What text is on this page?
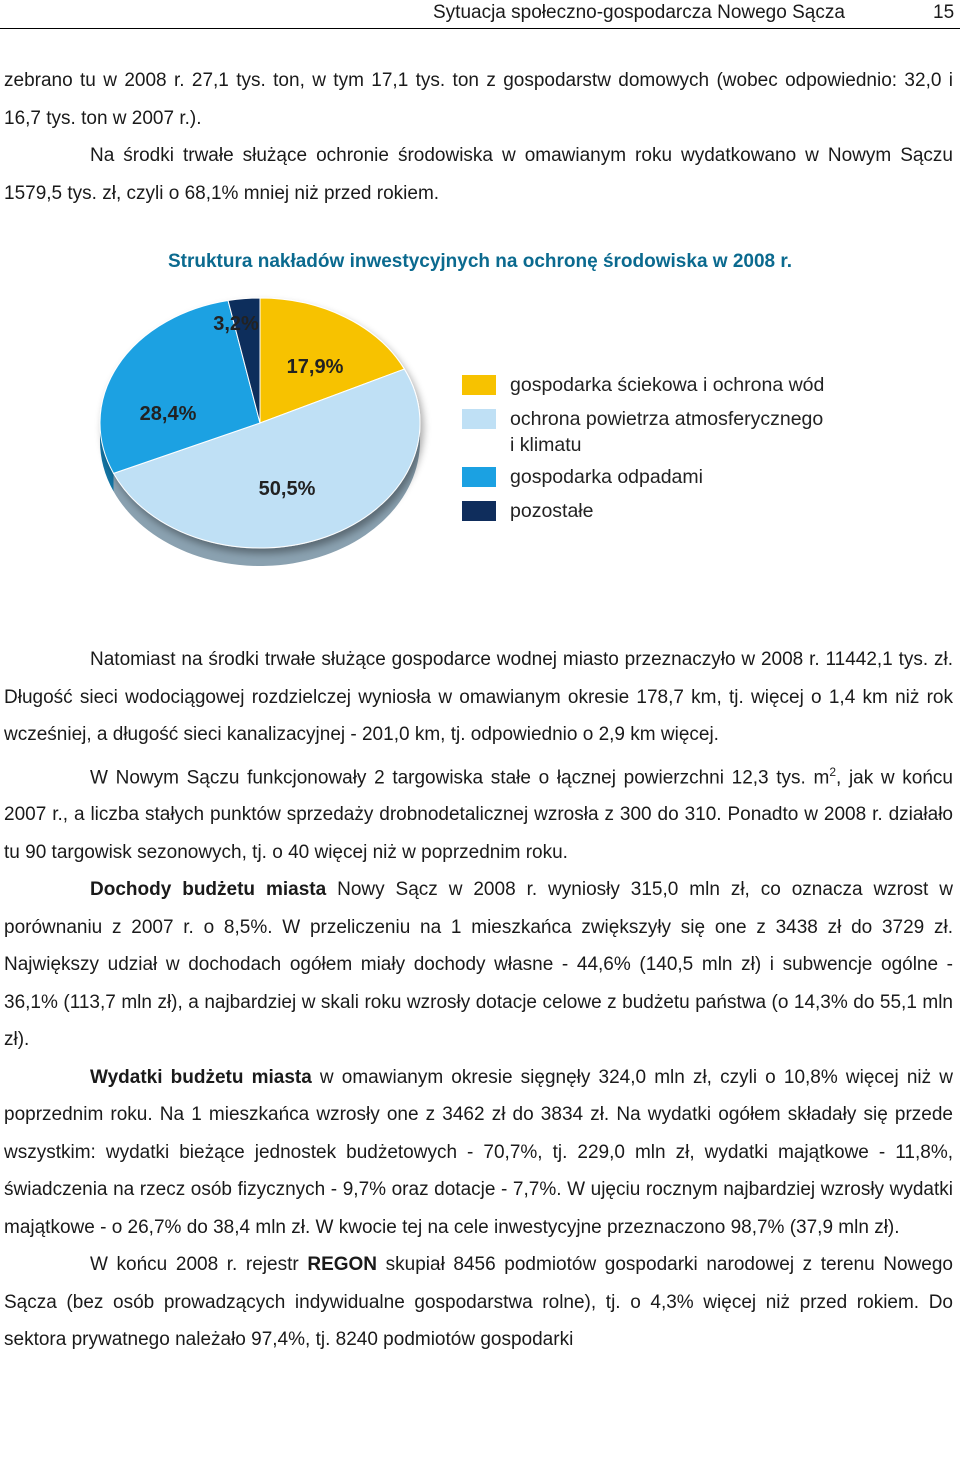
Sytuacja społeczno-gospodarcza Nowego Sącza	15

zebrano tu w 2008 r. 27,1 tys. ton, w tym 17,1 tys. ton z gospodarstw domowych (wobec odpowiednio: 32,0 i 16,7 tys. ton w 2007 r.).

Na środki trwałe służące ochronie środowiska w omawianym roku wydatkowano w Nowym Sączu 1579,5 tys. zł, czyli o 68,1% mniej niż przed rokiem.

Struktura nakładów inwestycyjnych na ochronę środowiska w 2008 r.
17,9%
50,5%
28,4%
3,2%
gospodarka ściekowa i ochrona wód
ochrona powietrza atmosferycznego
i klimatu
gospodarka odpadami
pozostałe

Natomiast na środki trwałe służące gospodarce wodnej miasto przeznaczyło w 2008 r. 11442,1 tys. zł. Długość sieci wodociągowej rozdzielczej wyniosła w omawianym okresie 178,7 km, tj. więcej o 1,4 km niż rok wcześniej, a długość sieci kanalizacyjnej - 201,0 km, tj. odpowiednio o 2,9 km więcej.

W Nowym Sączu funkcjonowały 2 targowiska stałe o łącznej powierzchni 12,3 tys. $m^2$, jak w końcu 2007 r., a liczba stałych punktów sprzedaży drobnodetalicznej wzrosła z 300 do 310. Ponadto w 2008 r. działało tu 90 targowisk sezonowych, tj. o 40 więcej niż w poprzednim roku.

Dochody budżetu miasta Nowy Sącz w 2008 r. wyniosły 315,0 mln zł, co oznacza wzrost w porównaniu z 2007 r. o 8,5%. W przeliczeniu na 1 mieszkańca zwiększyły się one z 3438 zł do 3729 zł. Największy udział w dochodach ogółem miały dochody własne - 44,6% (140,5 mln zł) i subwencje ogólne - 36,1% (113,7 mln zł), a najbardziej w skali roku wzrosły dotacje celowe z budżetu państwa (o 14,3% do 55,1 mln zł).

Wydatki budżetu miasta w omawianym okresie sięgnęły 324,0 mln zł, czyli o 10,8% więcej niż w poprzednim roku. Na 1 mieszkańca wzrosły one z 3462 zł do 3834 zł. Na wydatki ogółem składały się przede wszystkim: wydatki bieżące jednostek budżetowych - 70,7%, tj. 229,0 mln zł, wydatki majątkowe - 11,8%, świadczenia na rzecz osób fizycznych - 9,7% oraz dotacje - 7,7%. W ujęciu rocznym najbardziej wzrosły wydatki majątkowe - o 26,7% do 38,4 mln zł. W kwocie tej na cele inwestycyjne przeznaczono 98,7% (37,9 mln zł).

W końcu 2008 r. rejestr REGON skupiał 8456 podmiotów gospodarki narodowej z terenu Nowego Sącza (bez osób prowadzących indywidualne gospodarstwa rolne), tj. o 4,3% więcej niż przed rokiem. Do sektora prywatnego należało 97,4%, tj. 8240 podmiotów gospodarki
